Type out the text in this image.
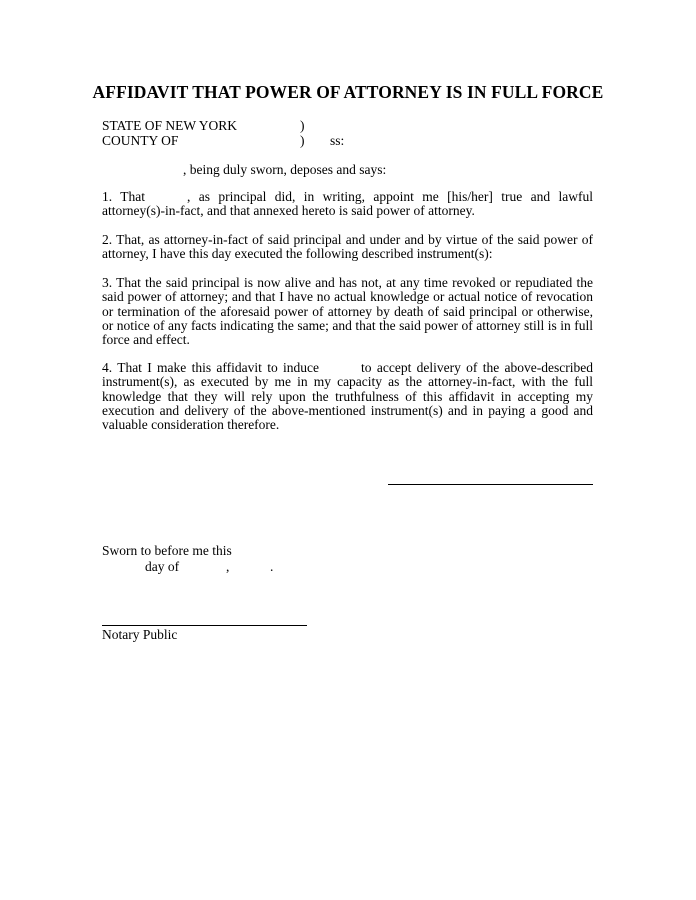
AFFIDAVIT THAT POWER OF ATTORNEY IS IN FULL FORCE
STATE OF NEW YORK	)
COUNTY OF	) ss:
, being duly sworn, deposes and says:
1. That	, as principal did, in writing, appoint me [his/her] true and lawful attorney(s)-in-fact, and that annexed hereto is said power of attorney.
2. That, as attorney-in-fact of said principal and under and by virtue of the said power of attorney, I have this day executed the following described instrument(s):
3. That the said principal is now alive and has not, at any time revoked or repudiated the said power of attorney; and that I have no actual knowledge or actual notice of revocation or termination of the aforesaid power of attorney by death of said principal or otherwise, or notice of any facts indicating the same; and that the said power of attorney still is in full force and effect.
4. That I make this affidavit to induce	to accept delivery of the above-described instrument(s), as executed by me in my capacity as the attorney-in-fact, with the full knowledge that they will rely upon the truthfulness of this affidavit in accepting my execution and delivery of the above-mentioned instrument(s) and in paying a good and valuable consideration therefore.
Sworn to before me this
day of	,	.
Notary Public
